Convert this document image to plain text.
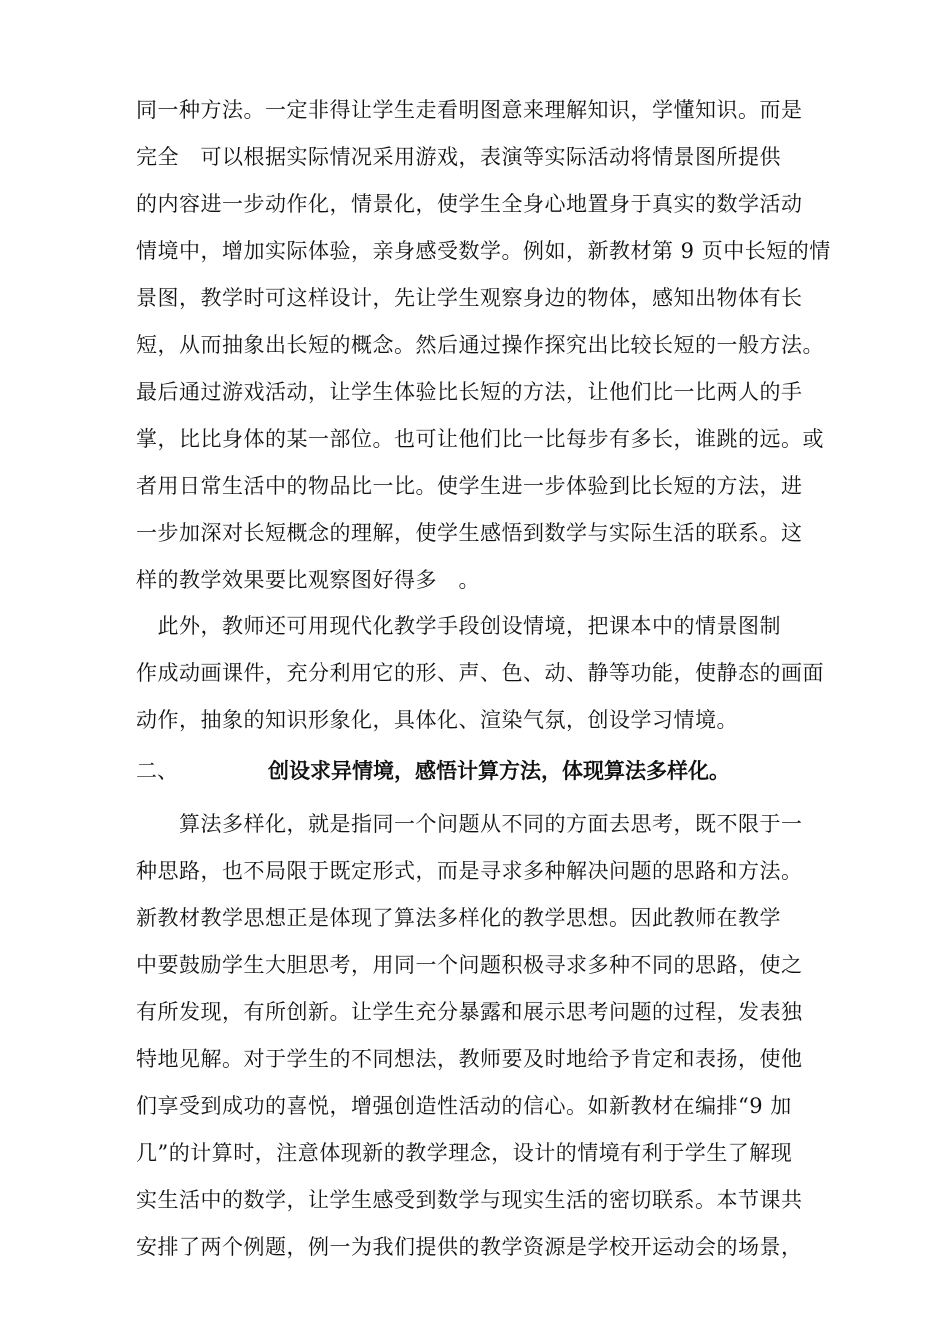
同一种方法。一定非得让学生走看明图意来理解知识，学懂知识。而是
完全　可以根据实际情况采用游戏，表演等实际活动将情景图所提供
的内容进一步动作化，情景化，使学生全身心地置身于真实的数学活动
情境中，增加实际体验，亲身感受数学。例如，新教材第 9 页中长短的情
景图，教学时可这样设计，先让学生观察身边的物体，感知出物体有长
短，从而抽象出长短的概念。然后通过操作探究出比较长短的一般方法。
最后通过游戏活动，让学生体验比长短的方法，让他们比一比两人的手
掌，比比身体的某一部位。也可让他们比一比每步有多长，谁跳的远。或
者用日常生活中的物品比一比。使学生进一步体验到比长短的方法，进
一步加深对长短概念的理解，使学生感悟到数学与实际生活的联系。这
样的教学效果要比观察图好得多　。
　此外，教师还可用现代化教学手段创设情境，把课本中的情景图制
作成动画课件，充分利用它的形、声、色、动、静等功能，使静态的画面
动作，抽象的知识形象化，具体化、渲染气氛，创设学习情境。
二、	创设求异情境，感悟计算方法，体现算法多样化。
　　算法多样化，就是指同一个问题从不同的方面去思考，既不限于一
种思路，也不局限于既定形式，而是寻求多种解决问题的思路和方法。
新教材教学思想正是体现了算法多样化的教学思想。因此教师在教学
中要鼓励学生大胆思考，用同一个问题积极寻求多种不同的思路，使之
有所发现，有所创新。让学生充分暴露和展示思考问题的过程，发表独
特地见解。对于学生的不同想法，教师要及时地给予肯定和表扬，使他
们享受到成功的喜悦，增强创造性活动的信心。如新教材在编排“9 加
几”的计算时，注意体现新的教学理念，设计的情境有利于学生了解现
实生活中的数学，让学生感受到数学与现实生活的密切联系。本节课共
安排了两个例题，例一为我们提供的教学资源是学校开运动会的场景，
